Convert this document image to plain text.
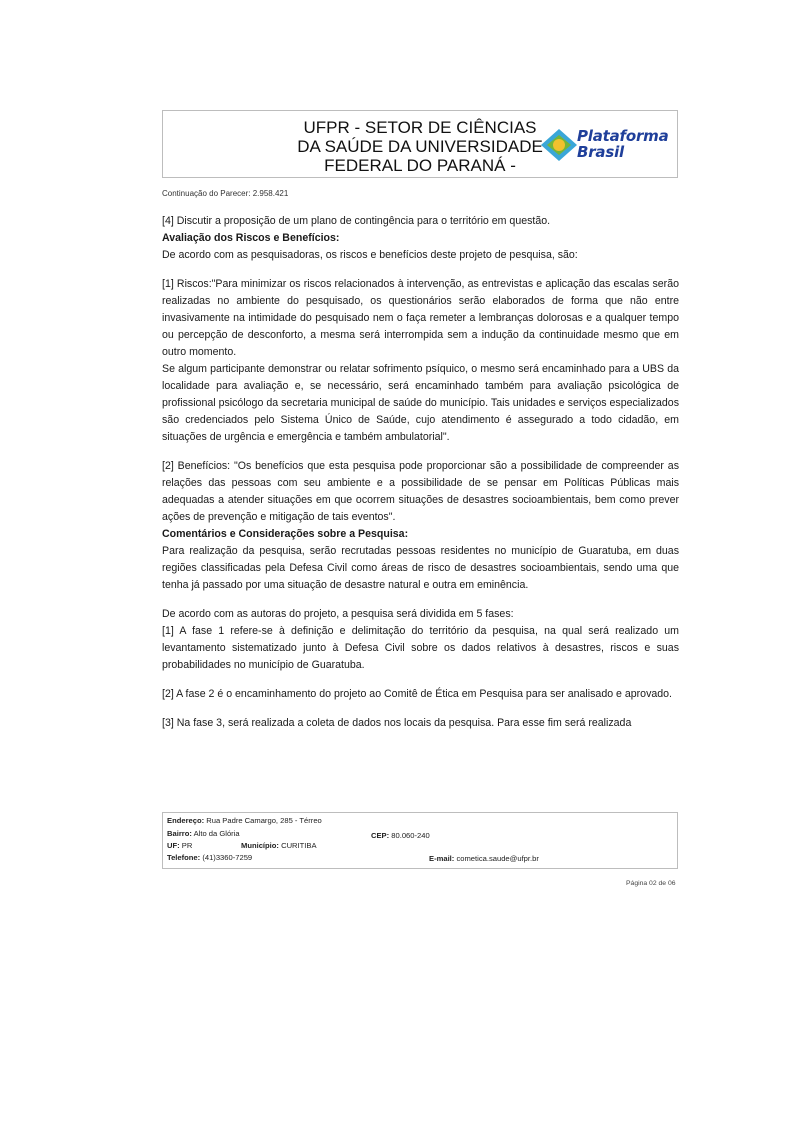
UFPR - SETOR DE CIÊNCIAS
DA SAÚDE DA UNIVERSIDADE
FEDERAL DO PARANÁ -
Plataforma
Brasil
Continuação do Parecer: 2.958.421

[4] Discutir a proposição de um plano de contingência para o território em questão.

Avaliação dos Riscos e Benefícios:

De acordo com as pesquisadoras, os riscos e benefícios deste projeto de pesquisa, são:

[1] Riscos:"Para minimizar os riscos relacionados à intervenção, as entrevistas e aplicação das escalas serão realizadas no ambiente do pesquisado, os questionários serão elaborados de forma que não entre invasivamente na intimidade do pesquisado nem o faça remeter a lembranças dolorosas e a qualquer tempo ou percepção de desconforto, a mesma será interrompida sem a indução da continuidade mesmo que em outro momento.

Se algum participante demonstrar ou relatar sofrimento psíquico, o mesmo será encaminhado para a UBS da localidade para avaliação e, se necessário, será encaminhado também para avaliação psicológica de profissional psicólogo da secretaria municipal de saúde do município. Tais unidades e serviços especializados são credenciados pelo Sistema Único de Saúde, cujo atendimento é assegurado a todo cidadão, em situações de urgência e emergência e também ambulatorial".

[2] Benefícios: "Os benefícios que esta pesquisa pode proporcionar são a possibilidade de compreender as relações das pessoas com seu ambiente e a possibilidade de se pensar em Políticas Públicas mais adequadas a atender situações em que ocorrem situações de desastres socioambientais, bem como prever ações de prevenção e mitigação de tais eventos".

Comentários e Considerações sobre a Pesquisa:

Para realização da pesquisa, serão recrutadas pessoas residentes no município de Guaratuba, em duas regiões classificadas pela Defesa Civil como áreas de risco de desastres socioambientais, sendo uma que tenha já passado por uma situação de desastre natural e outra em eminência.

De acordo com as autoras do projeto, a pesquisa será dividida em 5 fases:

[1] A fase 1 refere-se à definição e delimitação do território da pesquisa, na qual será realizado um levantamento sistematizado junto à Defesa Civil sobre os dados relativos à desastres, riscos e suas probabilidades no município de Guaratuba.

[2] A fase 2 é o encaminhamento do projeto ao Comitê de Ética em Pesquisa para ser analisado e aprovado.

[3] Na fase 3, será realizada a coleta de dados nos locais da pesquisa. Para esse fim será realizada

Endereço: Rua Padre Camargo, 285 - Térreo
Bairro: Alto da Glória	CEP: 80.060-240
UF: PR	Município: CURITIBA
Telefone: (41)3360-7259	E-mail: cometica.saude@ufpr.br
Página 02 de 06
